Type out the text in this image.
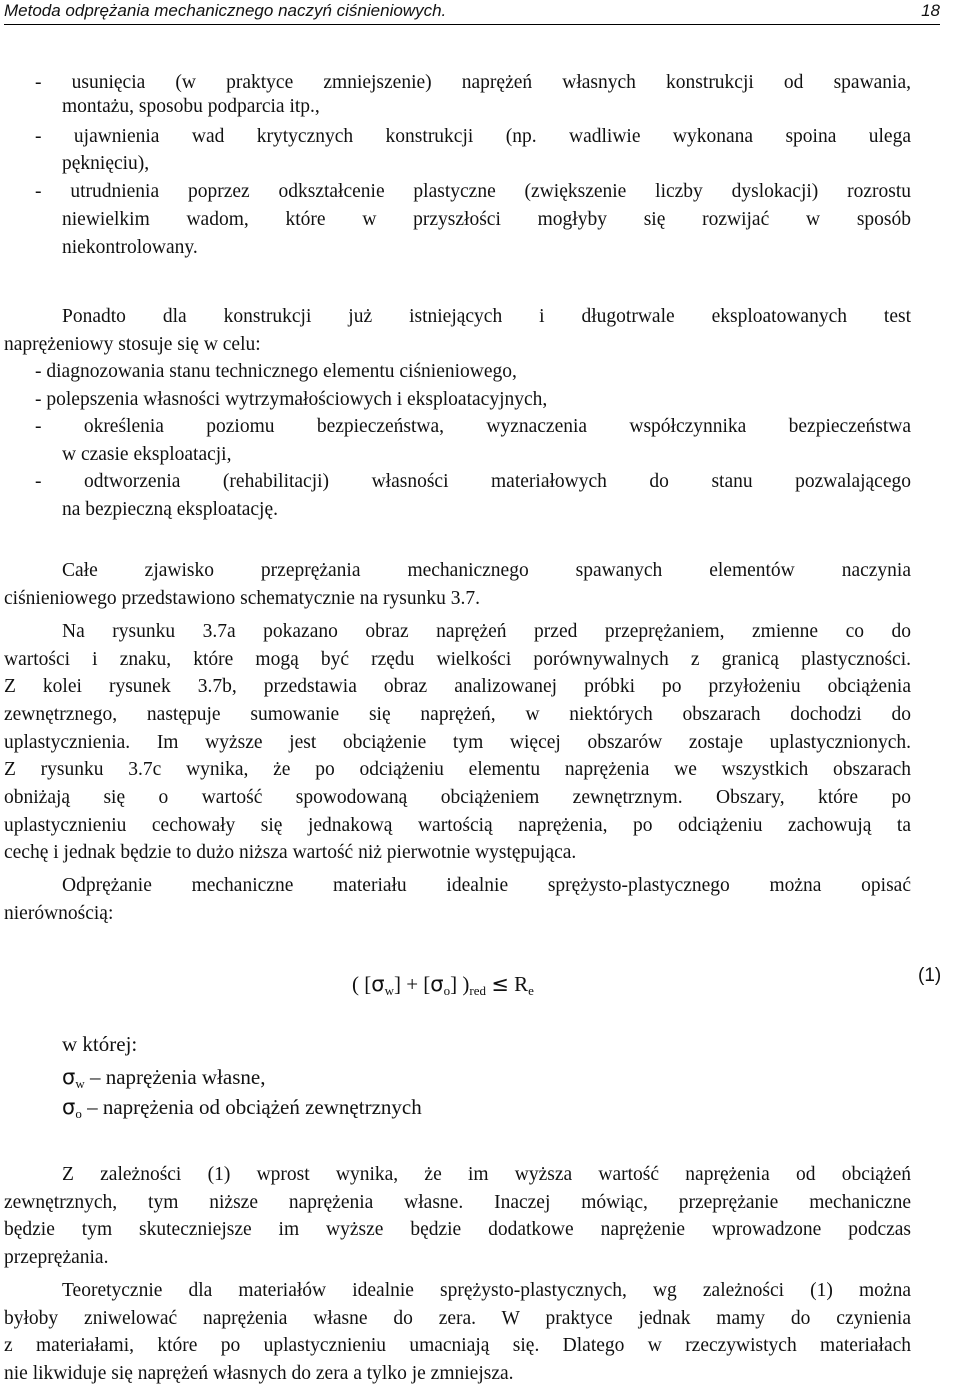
Metoda odprężania mechanicznego naczyń ciśnieniowych.	18
- usunięcia (w praktyce zmniejszenie) naprężeń własnych konstrukcji od spawania,
montażu, sposobu podparcia itp.,
- ujawnienia wad krytycznych konstrukcji (np. wadliwie wykonana spoina ulega
pęknięciu),
- utrudnienia poprzez odkształcenie plastyczne (zwiększenie liczby dyslokacji) rozrostu
niewielkim wadom, które w przyszłości mogłyby się rozwijać w sposób
niekontrolowany.
Ponadto dla konstrukcji już istniejących i długotrwale eksploatowanych test
naprężeniowy stosuje się w celu:
- diagnozowania stanu technicznego elementu ciśnieniowego,
- polepszenia własności wytrzymałościowych i eksploatacyjnych,
- określenia poziomu bezpieczeństwa, wyznaczenia współczynnika bezpieczeństwa
w czasie eksploatacji,
- odtworzenia (rehabilitacji) własności materiałowych do stanu pozwalającego
na bezpieczną eksploatację.
Całe zjawisko przeprężania mechanicznego spawanych elementów naczynia
ciśnieniowego przedstawiono schematycznie na rysunku 3.7.
Na rysunku 3.7a pokazano obraz naprężeń przed przeprężaniem, zmienne co do
wartości i znaku, które mogą być rzędu wielkości porównywalnych z granicą plastyczności.
Z kolei rysunek 3.7b, przedstawia obraz analizowanej próbki po przyłożeniu obciążenia
zewnętrznego, następuje sumowanie się naprężeń, w niektórych obszarach dochodzi do
uplastycznienia. Im wyższe jest obciążenie tym więcej obszarów zostaje uplastycznionych.
Z rysunku 3.7c wynika, że po odciążeniu elementu naprężenia we wszystkich obszarach
obniżają się o wartość spowodowaną obciążeniem zewnętrznym. Obszary, które po
uplastycznieniu cechowały się jednakową wartością naprężenia, po odciążeniu zachowują ta
cechę i jednak będzie to dużo niższa wartość niż pierwotnie występująca.
Odprężanie mechaniczne materiału idealnie sprężysto-plastycznego można opisać
nierównością:
( [σw] + [σo] )red ≤ Re
(1)
w której:
σw – naprężenia własne,
σo – naprężenia od obciążeń zewnętrznych
Z zależności (1) wprost wynika, że im wyższa wartość naprężenia od obciążeń
zewnętrznych, tym niższe naprężenia własne. Inaczej mówiąc, przeprężanie mechaniczne
będzie tym skuteczniejsze im wyższe będzie dodatkowe naprężenie wprowadzone podczas
przeprężania.
Teoretycznie dla materiałów idealnie sprężysto-plastycznych, wg zależności (1) można
byłoby zniwelować naprężenia własne do zera. W praktyce jednak mamy do czynienia
z materiałami, które po uplastycznieniu umacniają się. Dlatego w rzeczywistych materiałach
nie likwiduje się naprężeń własnych do zera a tylko je zmniejsza.
